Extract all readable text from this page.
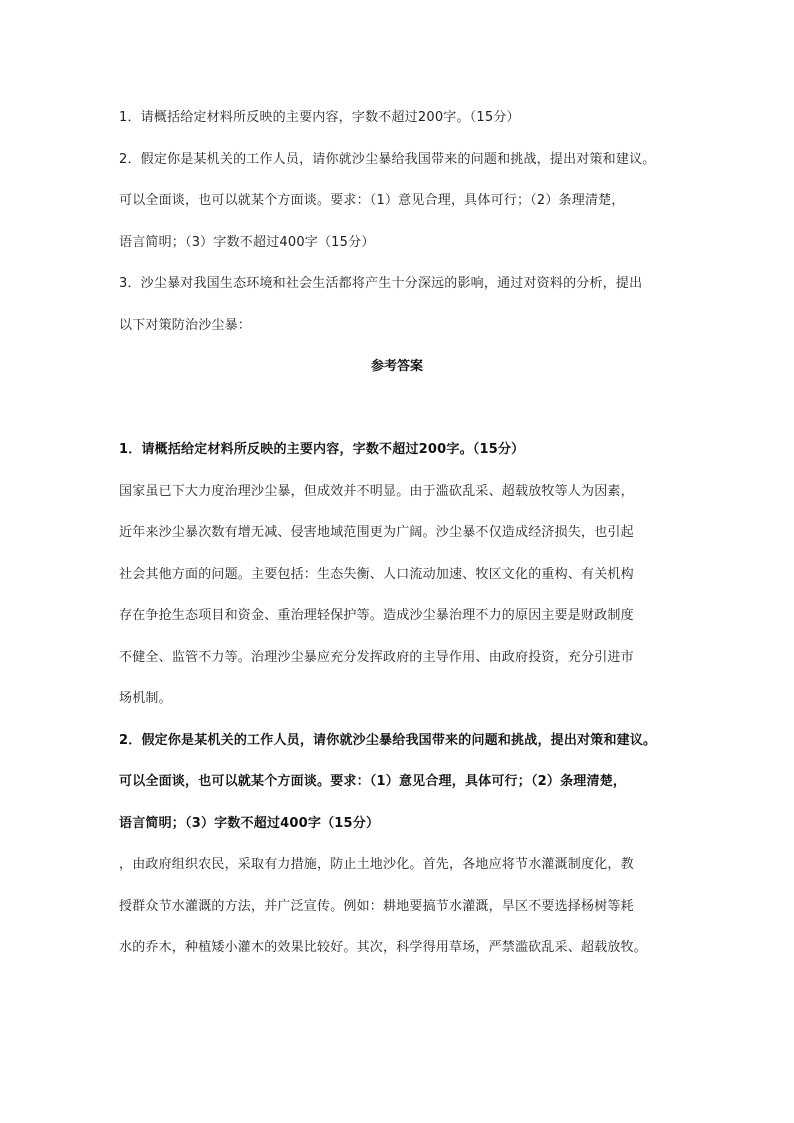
1．请概括给定材料所反映的主要内容，字数不超过200字。（15分）
2．假定你是某机关的工作人员，请你就沙尘暴给我国带来的问题和挑战，提出对策和建议。
可以全面谈，也可以就某个方面谈。要求：（1）意见合理，具体可行；（2）条理清楚，
语言简明；（3）字数不超过400字（15分）
3．沙尘暴对我国生态环境和社会生活都将产生十分深远的影响，通过对资料的分析，提出
以下对策防治沙尘暴：
参考答案
1．请概括给定材料所反映的主要内容，字数不超过200字。（15分）
国家虽已下大力度治理沙尘暴，但成效并不明显。由于滥砍乱采、超载放牧等人为因素，
近年来沙尘暴次数有增无减、侵害地域范围更为广阔。沙尘暴不仅造成经济损失，也引起
社会其他方面的问题。主要包括：生态失衡、人口流动加速、牧区文化的重构、有关机构
存在争抢生态项目和资金、重治理轻保护等。造成沙尘暴治理不力的原因主要是财政制度
不健全、监管不力等。治理沙尘暴应充分发挥政府的主导作用、由政府投资，充分引进市
场机制。
2．假定你是某机关的工作人员，请你就沙尘暴给我国带来的问题和挑战，提出对策和建议。
可以全面谈，也可以就某个方面谈。要求：（1）意见合理，具体可行；（2）条理清楚，
语言简明；（3）字数不超过400字（15分）
，由政府组织农民，采取有力措施，防止土地沙化。首先，各地应将节水灌溉制度化，教
授群众节水灌溉的方法，并广泛宣传。例如：耕地要搞节水灌溉，旱区不要选择杨树等耗
水的乔木，种植矮小灌木的效果比较好。其次，科学得用草场，严禁滥砍乱采、超载放牧。
